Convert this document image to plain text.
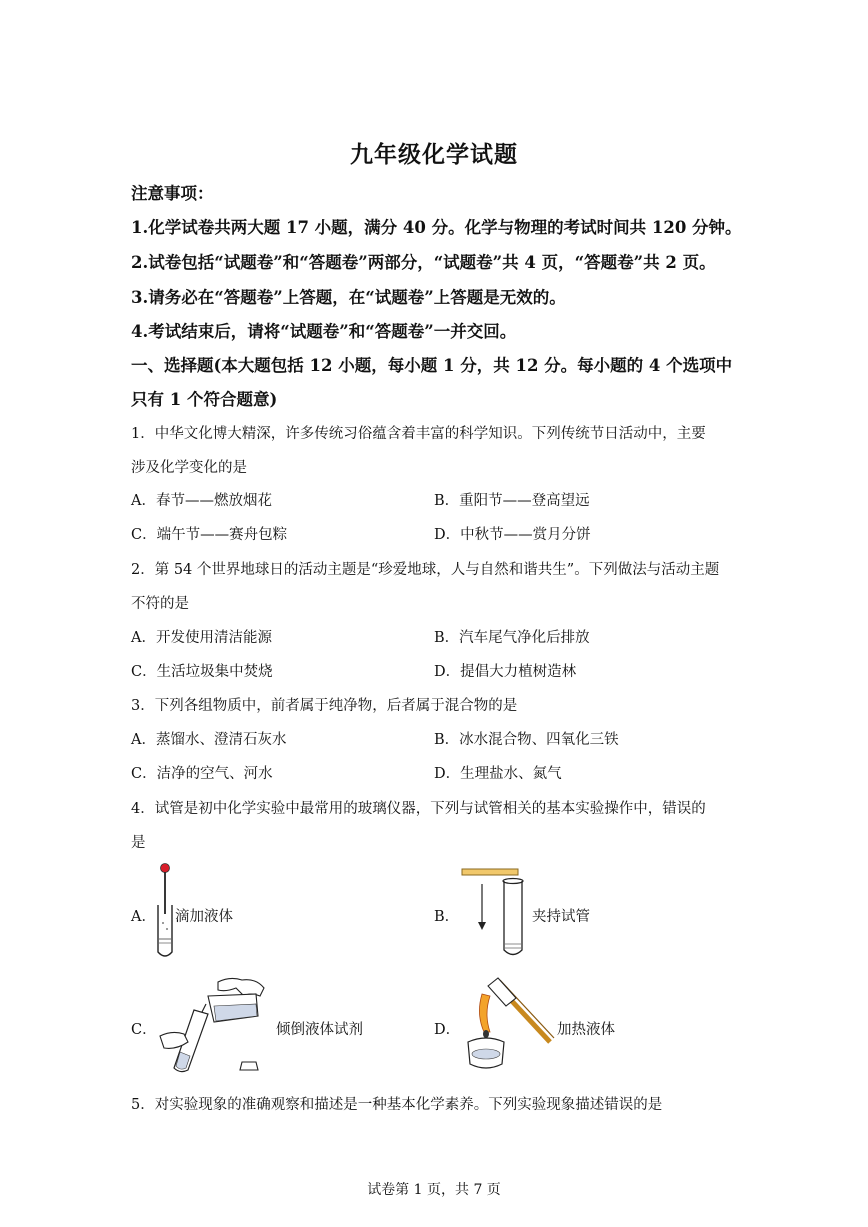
九年级化学试题
注意事项：
1.化学试卷共两大题 17 小题，满分 40 分。化学与物理的考试时间共 120 分钟。
2.试卷包括“试题卷”和“答题卷”两部分，“试题卷”共 4 页，“答题卷”共 2 页。
3.请务必在“答题卷”上答题，在“试题卷”上答题是无效的。
4.考试结束后，请将“试题卷”和“答题卷”一并交回。
一、选择题(本大题包括 12 小题，每小题 1 分，共 12 分。每小题的 4 个选项中
只有 1 个符合题意)
1．中华文化博大精深，许多传统习俗蕴含着丰富的科学知识。下列传统节日活动中，主要
涉及化学变化的是
A．春节——燃放烟花	B．重阳节——登高望远
C．端午节——赛舟包粽	D．中秋节——赏月分饼
2．第 54 个世界地球日的活动主题是“珍爱地球，人与自然和谐共生”。下列做法与活动主题
不符的是
A．开发使用清洁能源	B．汽车尾气净化后排放
C．生活垃圾集中焚烧	D．提倡大力植树造林
3．下列各组物质中，前者属于纯净物，后者属于混合物的是
A．蒸馏水、澄清石灰水	B．冰水混合物、四氧化三铁
C．洁净的空气、河水	D．生理盐水、氮气
4．试管是初中化学实验中最常用的玻璃仪器，下列与试管相关的基本实验操作中，错误的
是
A． 滴加液体	B．	夹持试管
C．	倾倒液体试剂	D．	加热液体
5．对实验现象的准确观察和描述是一种基本化学素养。下列实验现象描述错误的是
试卷第 1 页，共 7 页
